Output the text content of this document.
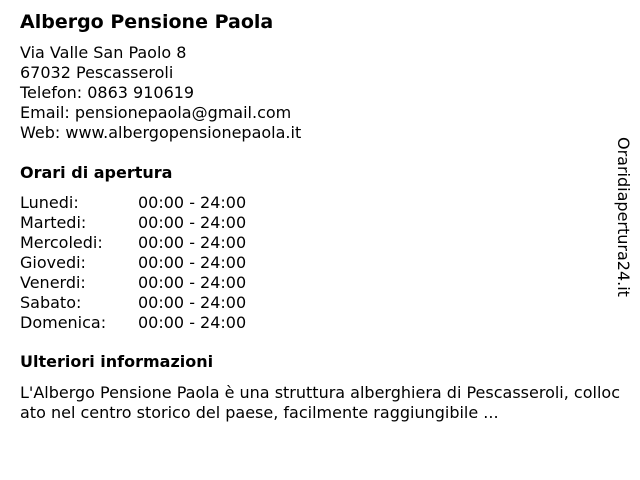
Albergo Pensione Paola
Via Valle San Paolo 8
67032 Pescasseroli
Telefon: 0863 910619
Email: pensionepaola@gmail.com
Web: www.albergopensionepaola.it
Orari di apertura
Lunedi:	00:00 - 24:00
Martedi:	00:00 - 24:00
Mercoledi:	00:00 - 24:00
Giovedi:	00:00 - 24:00
Venerdi:	00:00 - 24:00
Sabato:	00:00 - 24:00
Domenica:	00:00 - 24:00
Ulteriori informazioni
L'Albergo Pensione Paola è una struttura alberghiera di Pescasseroli, collocato nel centro storico del paese, facilmente raggiungibile ...
Oraridiapertura24.it
